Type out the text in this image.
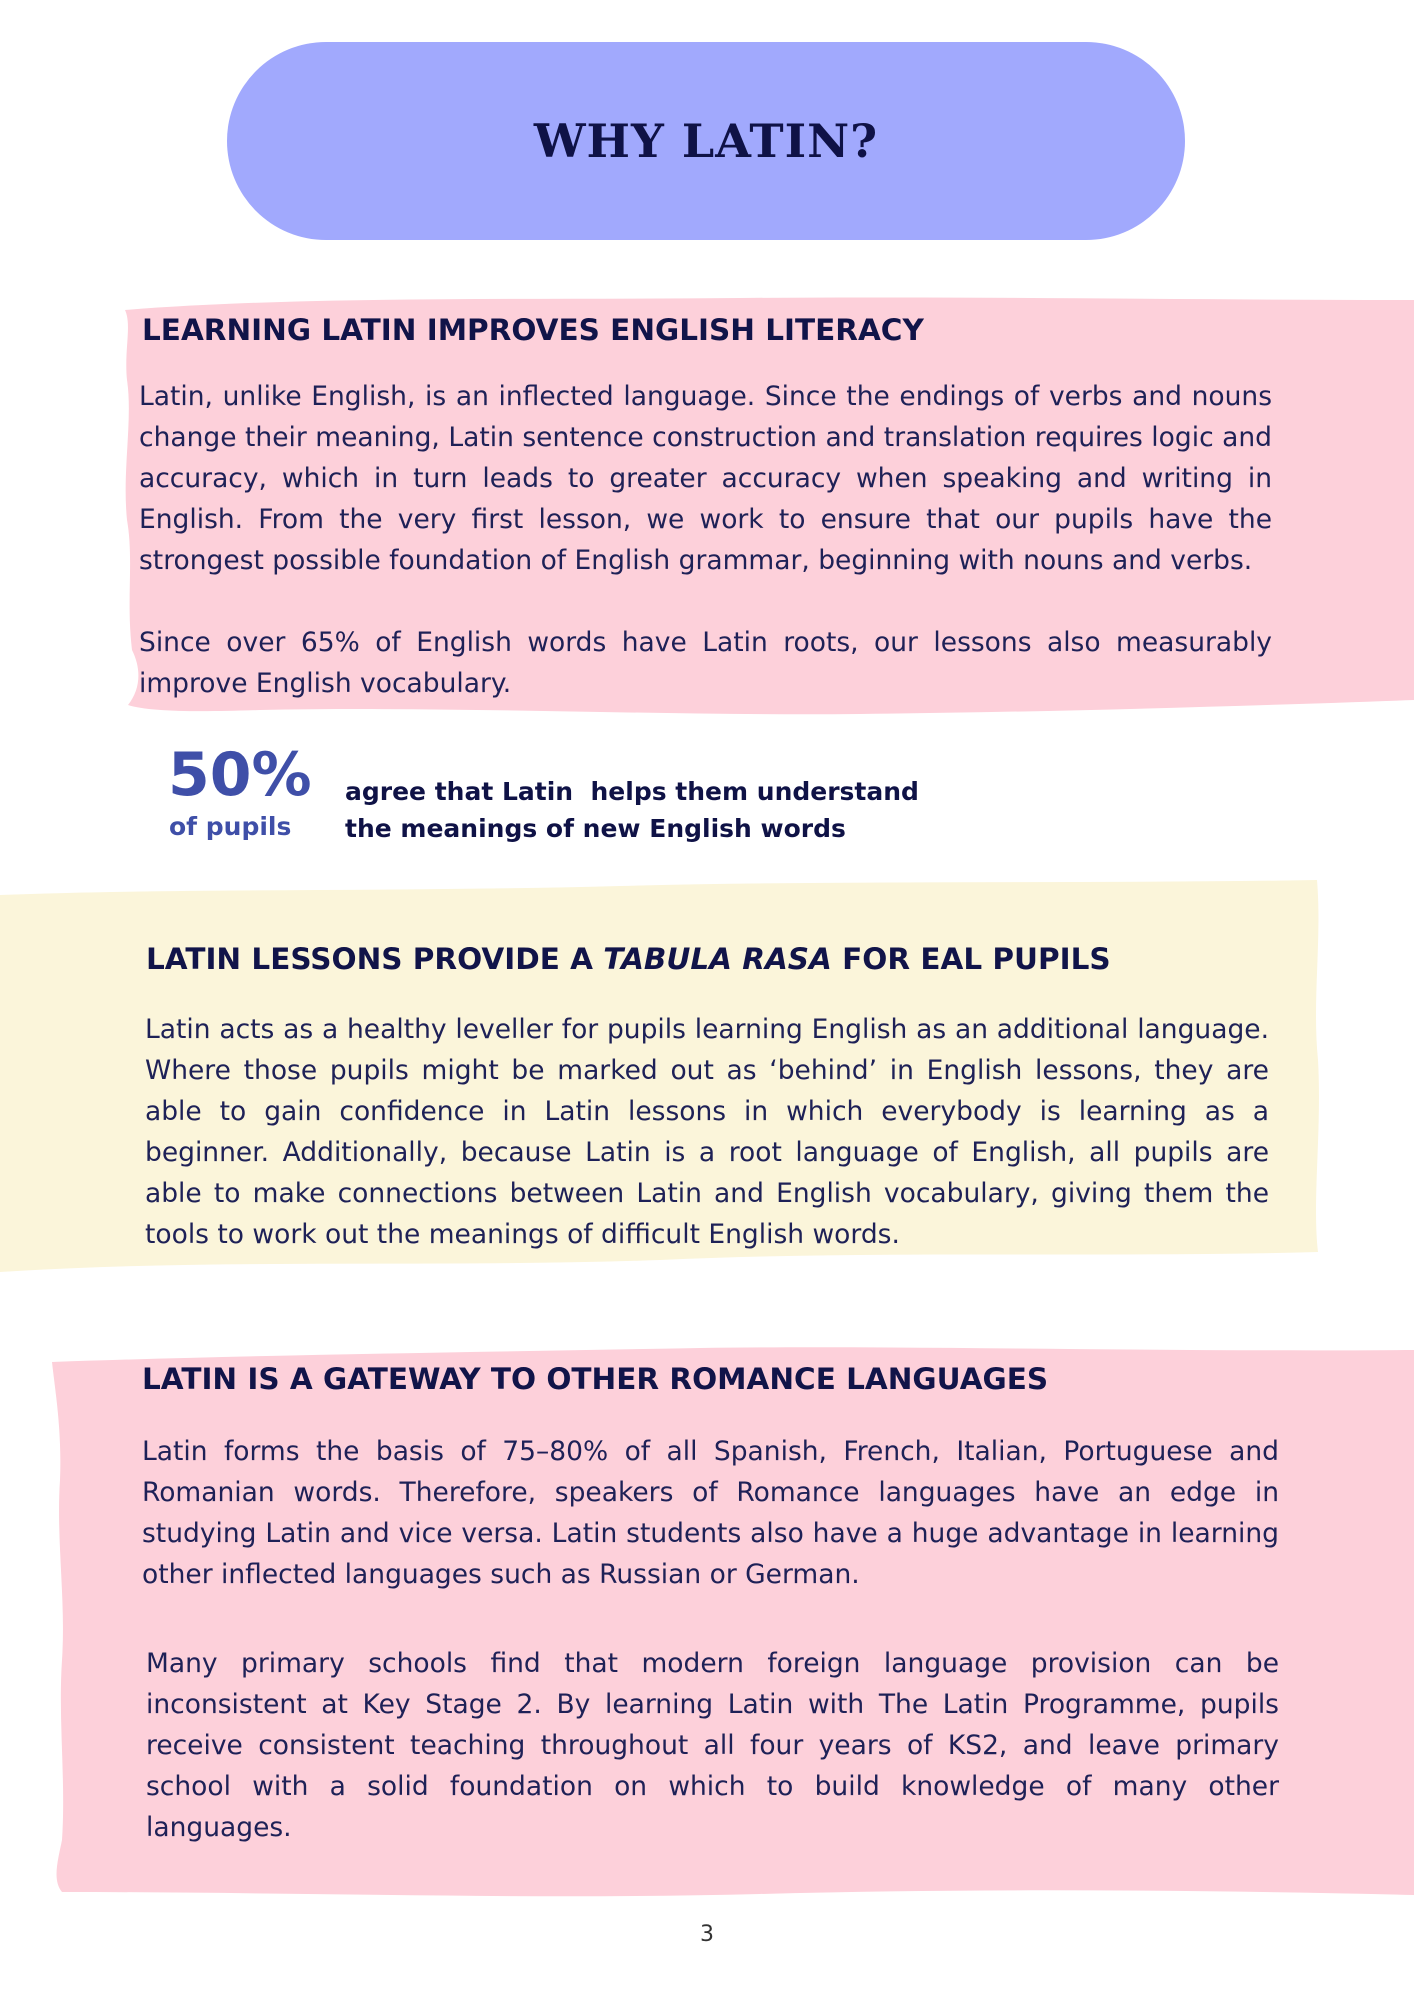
WHY LATIN?
LEARNING LATIN IMPROVES ENGLISH LITERACY

Latin, unlike English, is an inflected language. Since the endings of verbs and nouns change their meaning, Latin sentence construction and translation requires logic and accuracy, which in turn leads to greater accuracy when speaking and writing in English. From the very first lesson, we work to ensure that our pupils have the strongest possible foundation of English grammar, beginning with nouns and verbs.

Since over 65% of English words have Latin roots, our lessons also measurably improve English vocabulary.

50%

of pupils

agree that Latin  helps them understand
the meanings of new English words

LATIN LESSONS PROVIDE A TABULA RASA FOR EAL PUPILS

Latin acts as a healthy leveller for pupils learning English as an additional language. Where those pupils might be marked out as ‘behind’ in English lessons, they are able to gain confidence in Latin lessons in which everybody is learning as a beginner. Additionally, because Latin is a root language of English, all pupils are able to make connections between Latin and English vocabulary, giving them the tools to work out the meanings of difficult English words.

LATIN IS A GATEWAY TO OTHER ROMANCE LANGUAGES

Latin forms the basis of 75–80% of all Spanish, French, Italian, Portuguese and Romanian words. Therefore, speakers of Romance languages have an edge in studying Latin and vice versa. Latin students also have a huge advantage in learning other inflected languages such as Russian or German.

Many primary schools find that modern foreign language provision can be inconsistent at Key Stage 2. By learning Latin with The Latin Programme, pupils receive consistent teaching throughout all four years of KS2, and leave primary school with a solid foundation on which to build knowledge of many other languages.

3
